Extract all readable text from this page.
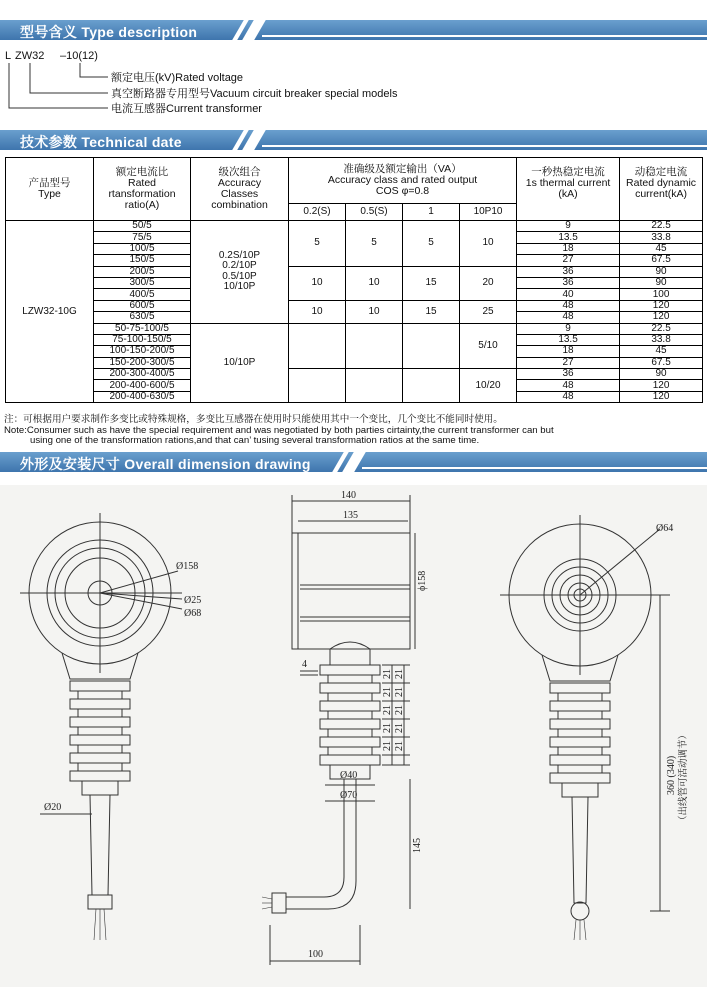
型号含义 Type description
L ZW32 –10(12)
额定电压(kV)Rated voltage
真空断路器专用型号Vacuum circuit breaker special models
电流互感器Current transformer
技术参数 Technical date
产品型号
Type	额定电流比
Rated
rtansformation
ratio(A)	级次组合
Accuracy
Classes
combination	准确级及额定输出（VA）
Accuracy class and rated output
COS φ=0.8				一秒热稳定电流
1s thermal current
(kA)	动稳定电流
Rated dynamic
current(kA)
			0.2(S)	0.5(S)	1	10P10		
LZW32-10G	50/5	0.2S/10P
0.2/10P
0.5/10P
10/10P	5	5	5	10	9	22.5
	75/5						13.5	33.8
	100/5						18	45
	150/5						27	67.5
	200/5		10	10	15	20	36	90
	300/5						36	90
	400/5						40	100
	600/5		10	10	15	25	48	120
	630/5						48	120
	50-75-100/5	10/10P				5/10	9	22.5
	75-100-150/5						13.5	33.8
	100-150-200/5						18	45
	150-200-300/5						27	67.5
	200-300-400/5					10/20	36	90
	200-400-600/5						48	120
	200-400-630/5						48	120
注：可根据用户要求制作多变比或特殊规格，多变比互感器在使用时只能使用其中一个变比，几个变比不能同时使用。
Note:Consumer such as have the special requirement and was negotiated by both parties cirtainty,the current transformer can but
using one of the transformation rations,and that can’ tusing several transformation ratios at the same time.
外形及安装尺寸 Overall dimension drawing
Ø158
Ø25
Ø68
Ø20
140
135
ϕ158
Ø40
Ø70
21
21
21
21
21
21
21
21
21
21
4
145
100
Ø64
360 (340) （出线管可活动调节）
